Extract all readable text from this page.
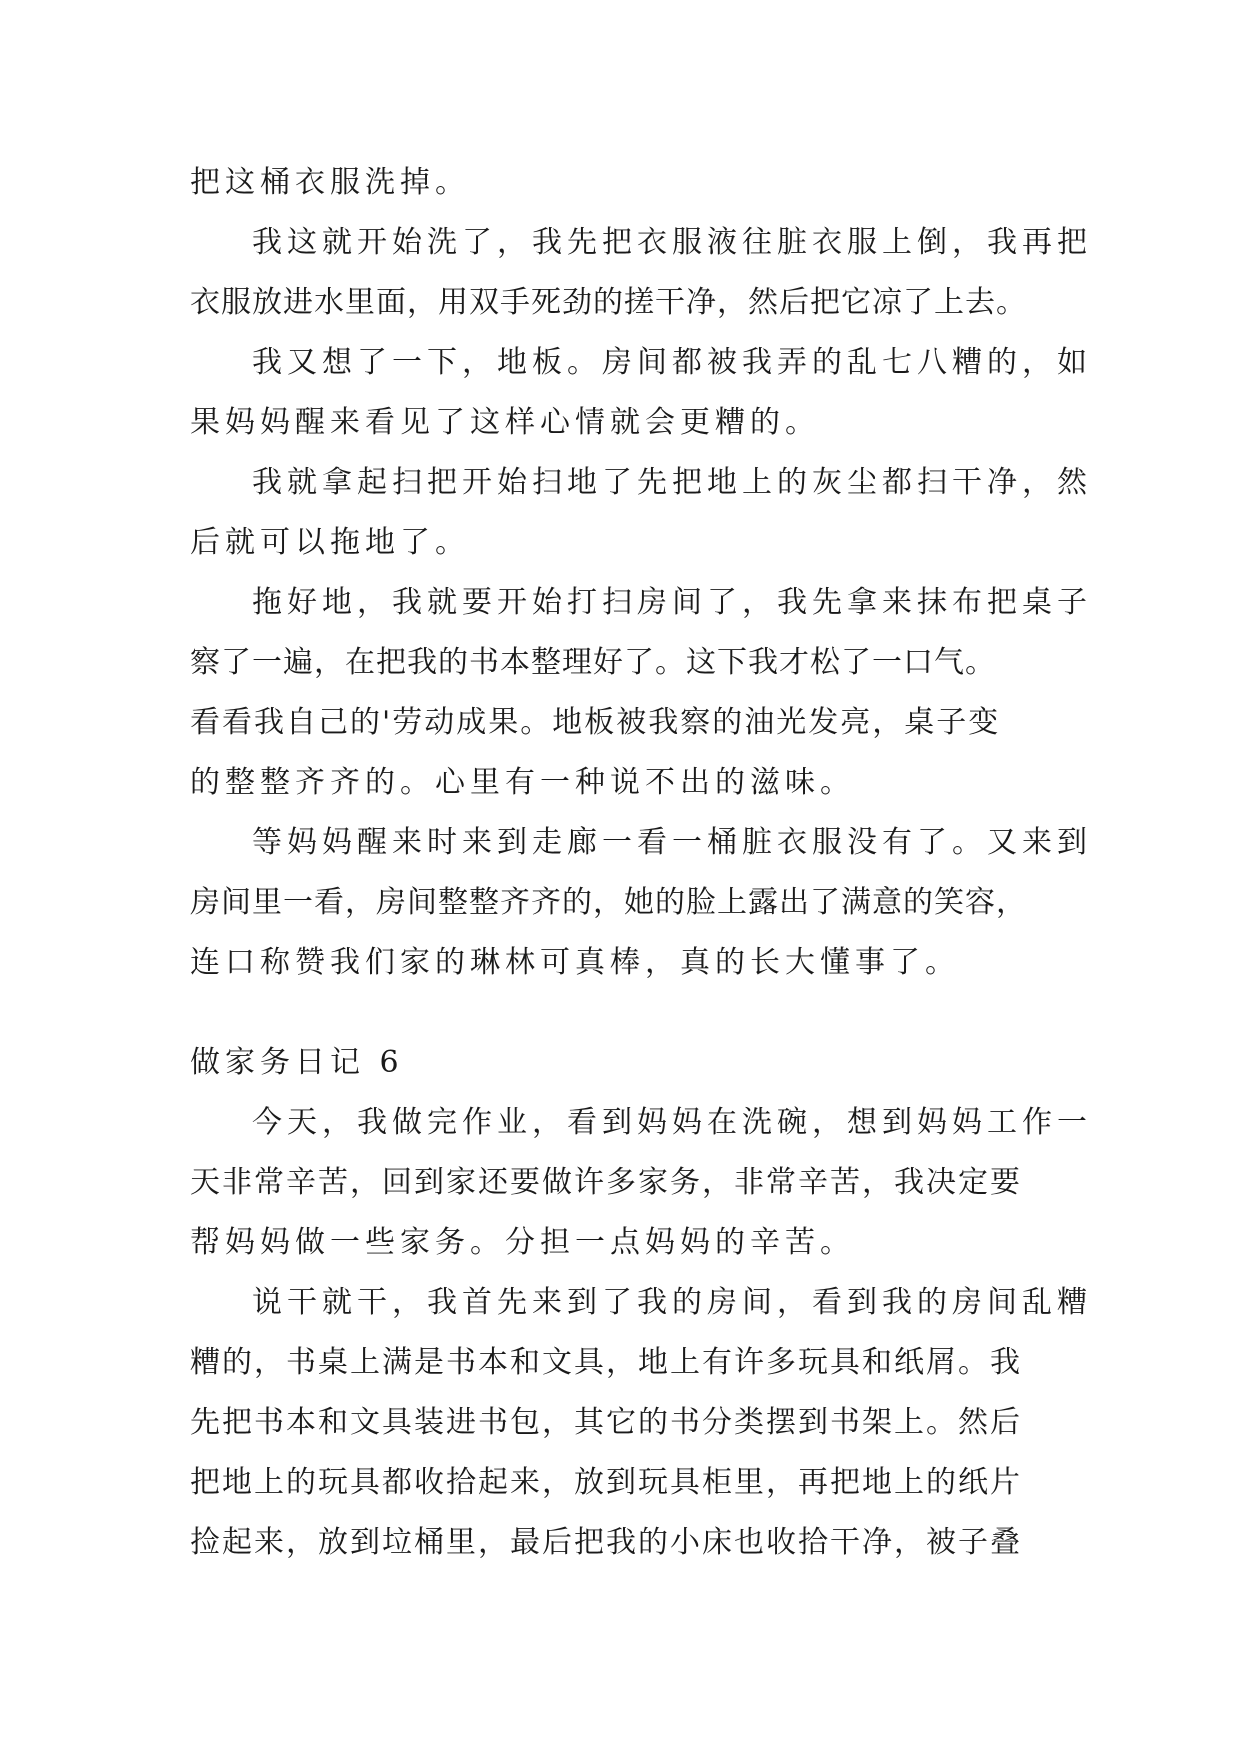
把这桶衣服洗掉。
我这就开始洗了，我先把衣服液往脏衣服上倒，我再把
衣服放进水里面，用双手死劲的搓干净，然后把它凉了上去。
我又想了一下，地板。房间都被我弄的乱七八糟的，如
果妈妈醒来看见了这样心情就会更糟的。
我就拿起扫把开始扫地了先把地上的灰尘都扫干净，然
后就可以拖地了。
拖好地，我就要开始打扫房间了，我先拿来抹布把桌子
察了一遍，在把我的书本整理好了。这下我才松了一口气。
看看我自己的'劳动成果。地板被我察的油光发亮，桌子变
的整整齐齐的。心里有一种说不出的滋味。
等妈妈醒来时来到走廊一看一桶脏衣服没有了。又来到
房间里一看，房间整整齐齐的，她的脸上露出了满意的笑容，
连口称赞我们家的琳林可真棒，真的长大懂事了。
做家务日记 6
今天，我做完作业，看到妈妈在洗碗，想到妈妈工作一
天非常辛苦，回到家还要做许多家务，非常辛苦，我决定要
帮妈妈做一些家务。分担一点妈妈的辛苦。
说干就干，我首先来到了我的房间，看到我的房间乱糟
糟的，书桌上满是书本和文具，地上有许多玩具和纸屑。我
先把书本和文具装进书包，其它的书分类摆到书架上。然后
把地上的玩具都收拾起来，放到玩具柜里，再把地上的纸片
捡起来，放到垃桶里，最后把我的小床也收拾干净，被子叠
